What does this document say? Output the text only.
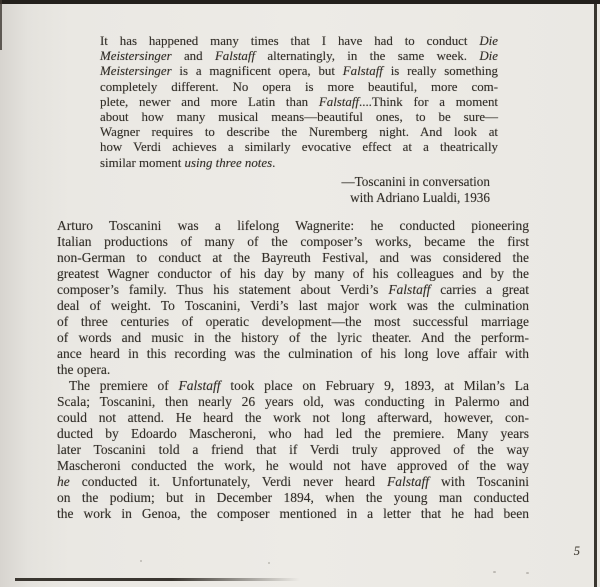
It has happened many times that I have had to conduct Die
Meistersinger and Falstaff alternatingly, in the same week. Die
Meistersinger is a magnificent opera, but Falstaff is really something
completely different. No opera is more beautiful, more com-
plete, newer and more Latin than Falstaff....Think for a moment
about how many musical means—beautiful ones, to be sure—
Wagner requires to describe the Nuremberg night. And look at
how Verdi achieves a similarly evocative effect at a theatrically
similar moment using three notes.
—Toscanini in conversation
with Adriano Lualdi, 1936
Arturo Toscanini was a lifelong Wagnerite: he conducted pioneering
Italian productions of many of the composer’s works, became the first
non-German to conduct at the Bayreuth Festival, and was considered the
greatest Wagner conductor of his day by many of his colleagues and by the
composer’s family. Thus his statement about Verdi’s Falstaff carries a great
deal of weight. To Toscanini, Verdi’s last major work was the culmination
of three centuries of operatic development—the most successful marriage
of words and music in the history of the lyric theater. And the perform-
ance heard in this recording was the culmination of his long love affair with
the opera.
The premiere of Falstaff took place on February 9, 1893, at Milan’s La
Scala; Toscanini, then nearly 26 years old, was conducting in Palermo and
could not attend. He heard the work not long afterward, however, con-
ducted by Edoardo Mascheroni, who had led the premiere. Many years
later Toscanini told a friend that if Verdi truly approved of the way
Mascheroni conducted the work, he would not have approved of the way
he conducted it. Unfortunately, Verdi never heard Falstaff with Toscanini
on the podium; but in December 1894, when the young man conducted
the work in Genoa, the composer mentioned in a letter that he had been
5
